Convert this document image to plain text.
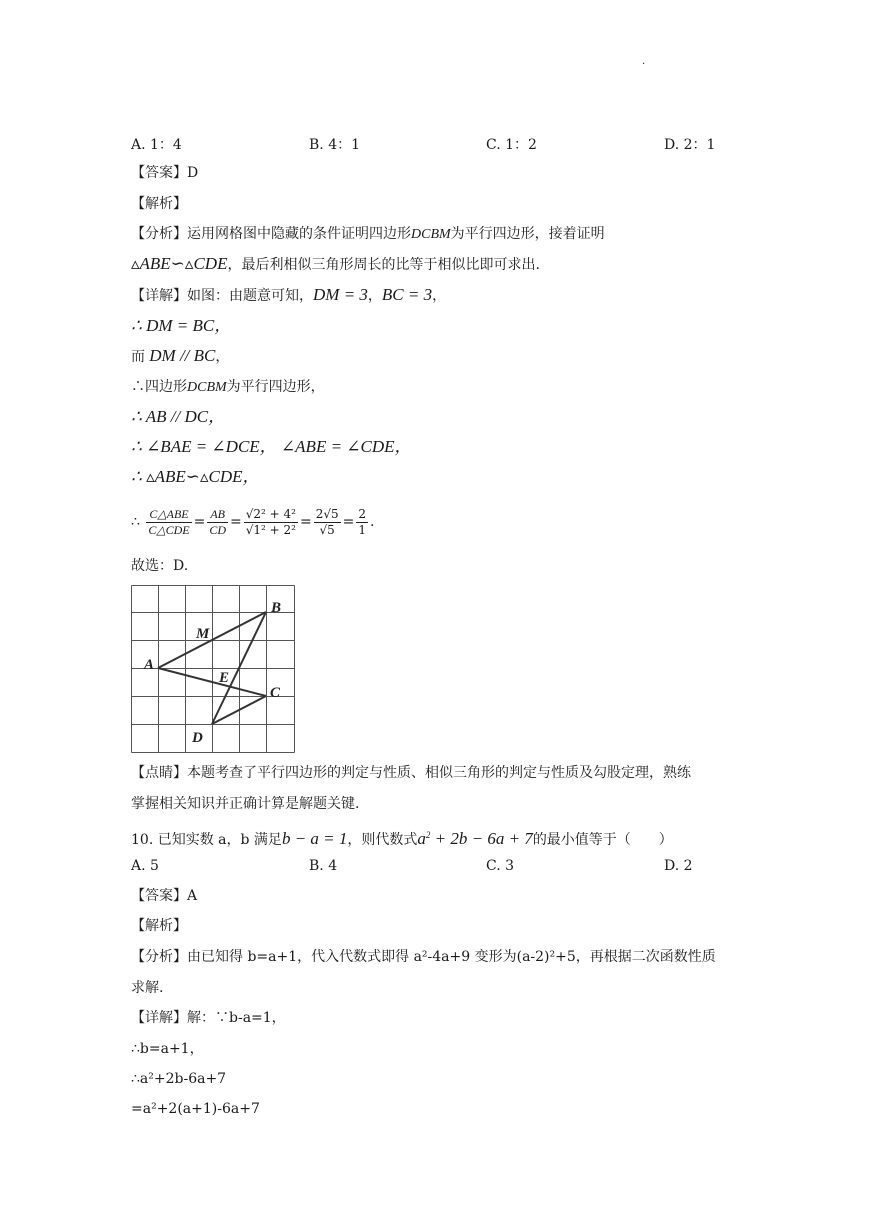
.
A. 1：4	B. 4：1	C. 1：2	D. 2：1
【答案】D
【解析】
【分析】运用网格图中隐藏的条件证明四边形DCBM为平行四边形，接着证明
▵ABE∽▵CDE，最后利相似三角形周长的比等于相似比即可求出.
【详解】如图：由题意可知，DM = 3，BC = 3，
∴ DM = BC，
而 DM // BC，
∴四边形DCBM为平行四边形，
∴ AB // DC，
∴ ∠BAE = ∠DCE， ∠ABE = ∠CDE，
∴ ▵ABE∽▵CDE，
∴ $\frac{\text{C△ABE}}{\text{C△CDE}} = \frac{AB}{CD} = \frac{\text{√2² + 4²}}{\text{√1² + 2²}} = \frac{2√5}{√5} = \frac{2}{1}$ .
故选：D.
B
M
A
E
C
D
【点睛】本题考查了平行四边形的判定与性质、相似三角形的判定与性质及勾股定理，熟练
掌握相关知识并正确计算是解题关键.
10. 已知实数 a，b 满足b − a = 1，则代数式$a^2 + 2b - 6a + 7$的最小值等于（　　）
A. 5	B. 4	C. 3	D. 2
【答案】A
【解析】
【分析】由已知得 b=a+1，代入代数式即得 a²-4a+9 变形为(a-2)²+5，再根据二次函数性质
求解.
【详解】解：∵b-a=1，
∴b=a+1，
∴a²+2b-6a+7
=a²+2(a+1)-6a+7
